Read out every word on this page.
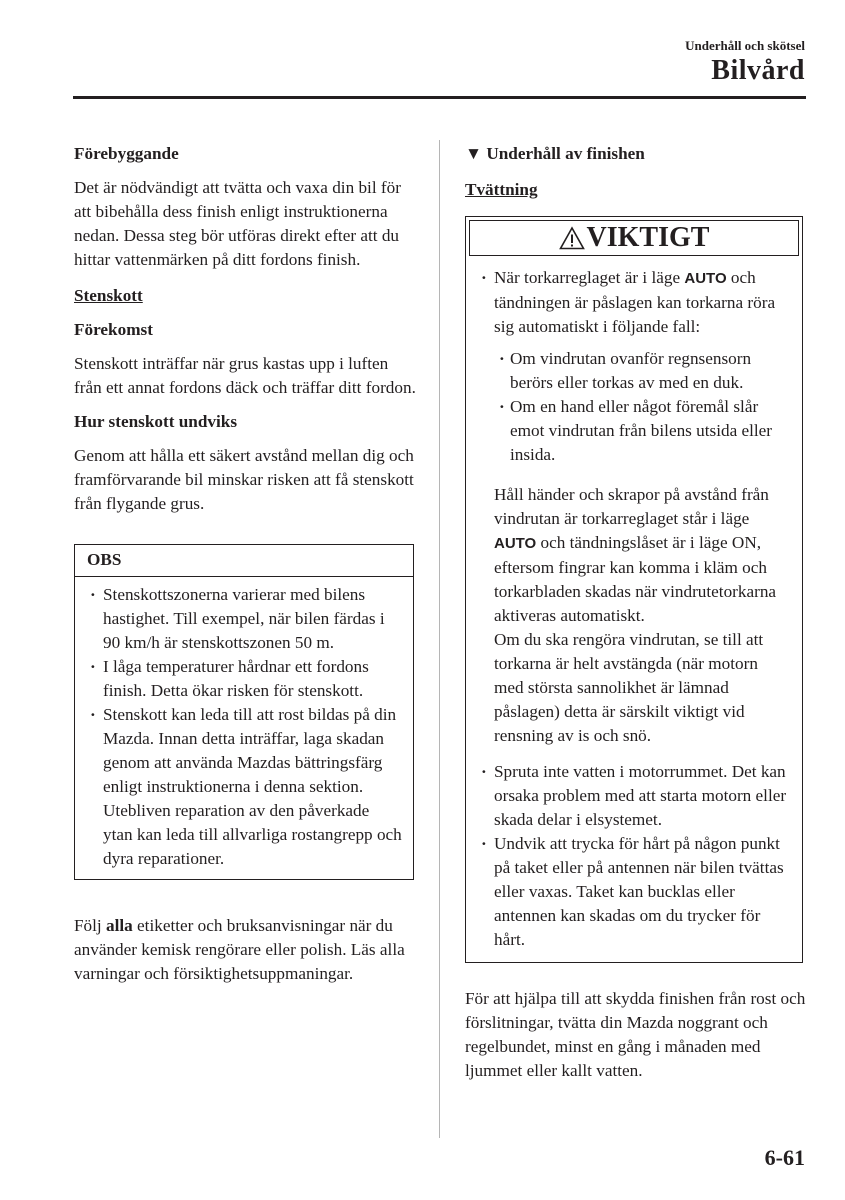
Underhåll och skötsel
Bilvård

Förebyggande

Det är nödvändigt att tvätta och vaxa din bil för att bibehålla dess finish enligt instruktionerna nedan. Dessa steg bör utföras direkt efter att du hittar vattenmärken på ditt fordons finish.

Stenskott

Förekomst

Stenskott inträffar när grus kastas upp i luften från ett annat fordons däck och träffar ditt fordon.

Hur stenskott undviks

Genom att hålla ett säkert avstånd mellan dig och framförvarande bil minskar risken att få stenskott från flygande grus.

OBS
· Stenskottszonerna varierar med bilens hastighet. Till exempel, när bilen färdas i 90 km/h är stenskottszonen 50 m.
· I låga temperaturer hårdnar ett fordons finish. Detta ökar risken för stenskott.
· Stenskott kan leda till att rost bildas på din Mazda. Innan detta inträffar, laga skadan genom att använda Mazdas bättringsfärg enligt instruktionerna i denna sektion. Utebliven reparation av den påverkade ytan kan leda till allvarliga rostangrepp och dyra reparationer.

Följ alla etiketter och bruksanvisningar när du använder kemisk rengörare eller polish. Läs alla varningar och försiktighetsuppmaningar.

▼ Underhåll av finishen

Tvättning

VIKTIGT
· När torkarreglaget är i läge AUTO och tändningen är påslagen kan torkarna röra sig automatiskt i följande fall:
· Om vindrutan ovanför regnsensorn berörs eller torkas av med en duk.
· Om en hand eller något föremål slår emot vindrutan från bilens utsida eller insida.

Håll händer och skrapor på avstånd från vindrutan är torkarreglaget står i läge AUTO och tändningslåset är i läge ON, eftersom fingrar kan komma i kläm och torkarbladen skadas när vindrutetorkarna aktiveras automatiskt.

Om du ska rengöra vindrutan, se till att torkarna är helt avstängda (när motorn med största sannolikhet är lämnad påslagen) detta är särskilt viktigt vid rensning av is och snö.

· Spruta inte vatten i motorrummet. Det kan orsaka problem med att starta motorn eller skada delar i elsystemet.
· Undvik att trycka för hårt på någon punkt på taket eller på antennen när bilen tvättas eller vaxas. Taket kan bucklas eller antennen kan skadas om du trycker för hårt.

För att hjälpa till att skydda finishen från rost och förslitningar, tvätta din Mazda noggrant och regelbundet, minst en gång i månaden med ljummet eller kallt vatten.

6-61
